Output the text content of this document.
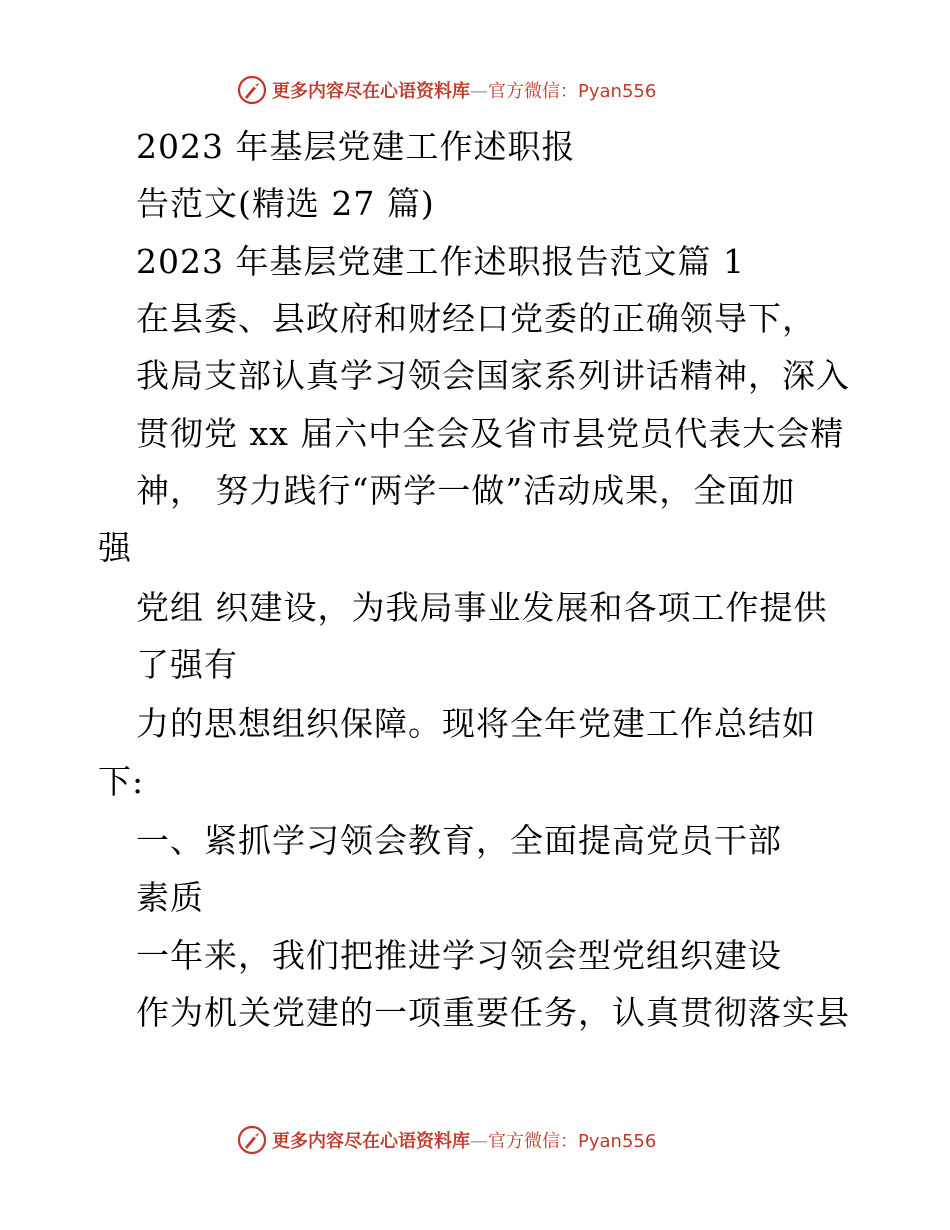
更多内容尽在心语资料库 —官方微信：Pyan556
2023 年基层党建工作述职报
告范文(精选 27 篇)
2023 年基层党建工作述职报告范文篇 1
在县委、县政府和财经口党委的正确领导下，
我局支部认真学习领会国家系列讲话精神，深入
贯彻党 xx 届六中全会及省市县党员代表大会精
神， 努力践行“两学一做”活动成果，全面加
强
党组 织建设，为我局事业发展和各项工作提供
了强有
力的思想组织保障。现将全年党建工作总结如
下:
一、紧抓学习领会教育，全面提高党员干部
素质
一年来，我们把推进学习领会型党组织建设
作为机关党建的一项重要任务，认真贯彻落实县
更多内容尽在心语资料库 —官方微信：Pyan556
